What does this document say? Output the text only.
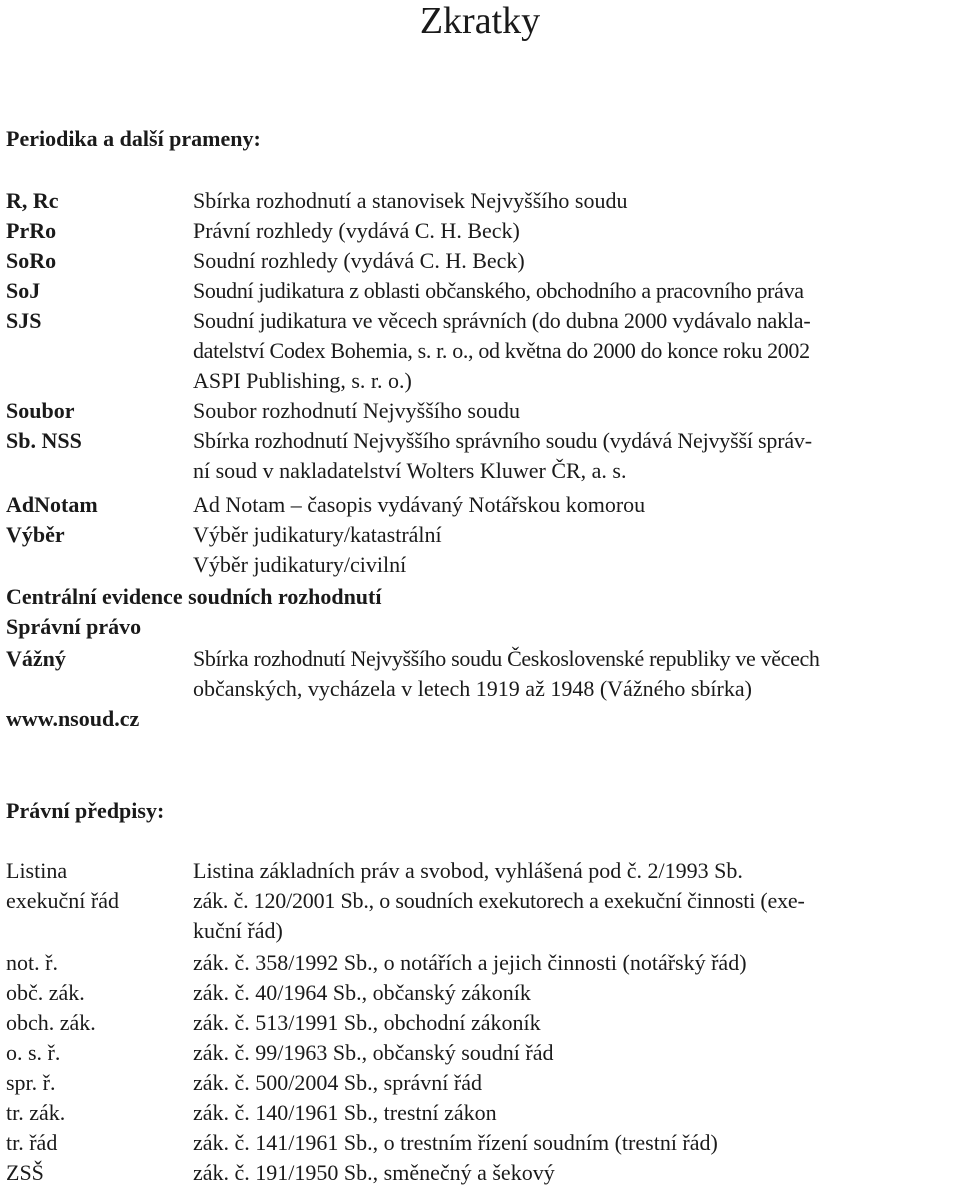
Zkratky
Periodika a další prameny:
R, Rc	Sbírka rozhodnutí a stanovisek Nejvyššího soudu
PrRo	Právní rozhledy (vydává C. H. Beck)
SoRo	Soudní rozhledy (vydává C. H. Beck)
SoJ	Soudní judikatura z oblasti občanského, obchodního a pracovního práva
SJS	Soudní judikatura ve věcech správních (do dubna 2000 vydávalo nakla-
datelství Codex Bohemia, s. r. o., od května do 2000 do konce roku 2002
ASPI Publishing, s. r. o.)
Soubor	Soubor rozhodnutí Nejvyššího soudu
Sb. NSS	Sbírka rozhodnutí Nejvyššího správního soudu (vydává Nejvyšší správ-
ní soud v nakladatelství Wolters Kluwer ČR, a. s.
AdNotam	Ad Notam – časopis vydávaný Notářskou komorou
Výběr	Výběr judikatury/katastrální
Výběr judikatury/civilní
Centrální evidence soudních rozhodnutí
Správní právo
Vážný	Sbírka rozhodnutí Nejvyššího soudu Československé republiky ve věcech
občanských, vycházela v letech 1919 až 1948 (Vážného sbírka)
www.nsoud.cz
Právní předpisy:
Listina	Listina základních práv a svobod, vyhlášená pod č. 2/1993 Sb.
exekuční řád	zák. č. 120/2001 Sb., o soudních exekutorech a exekuční činnosti (exe-
kuční řád)
not. ř.	zák. č. 358/1992 Sb., o notářích a jejich činnosti (notářský řád)
obč. zák.	zák. č. 40/1964 Sb., občanský zákoník
obch. zák.	zák. č. 513/1991 Sb., obchodní zákoník
o. s. ř.	zák. č. 99/1963 Sb., občanský soudní řád
spr. ř.	zák. č. 500/2004 Sb., správní řád
tr. zák.	zák. č. 140/1961 Sb., trestní zákon
tr. řád	zák. č. 141/1961 Sb., o trestním řízení soudním (trestní řád)
ZSŠ	zák. č. 191/1950 Sb., směnečný a šekový
